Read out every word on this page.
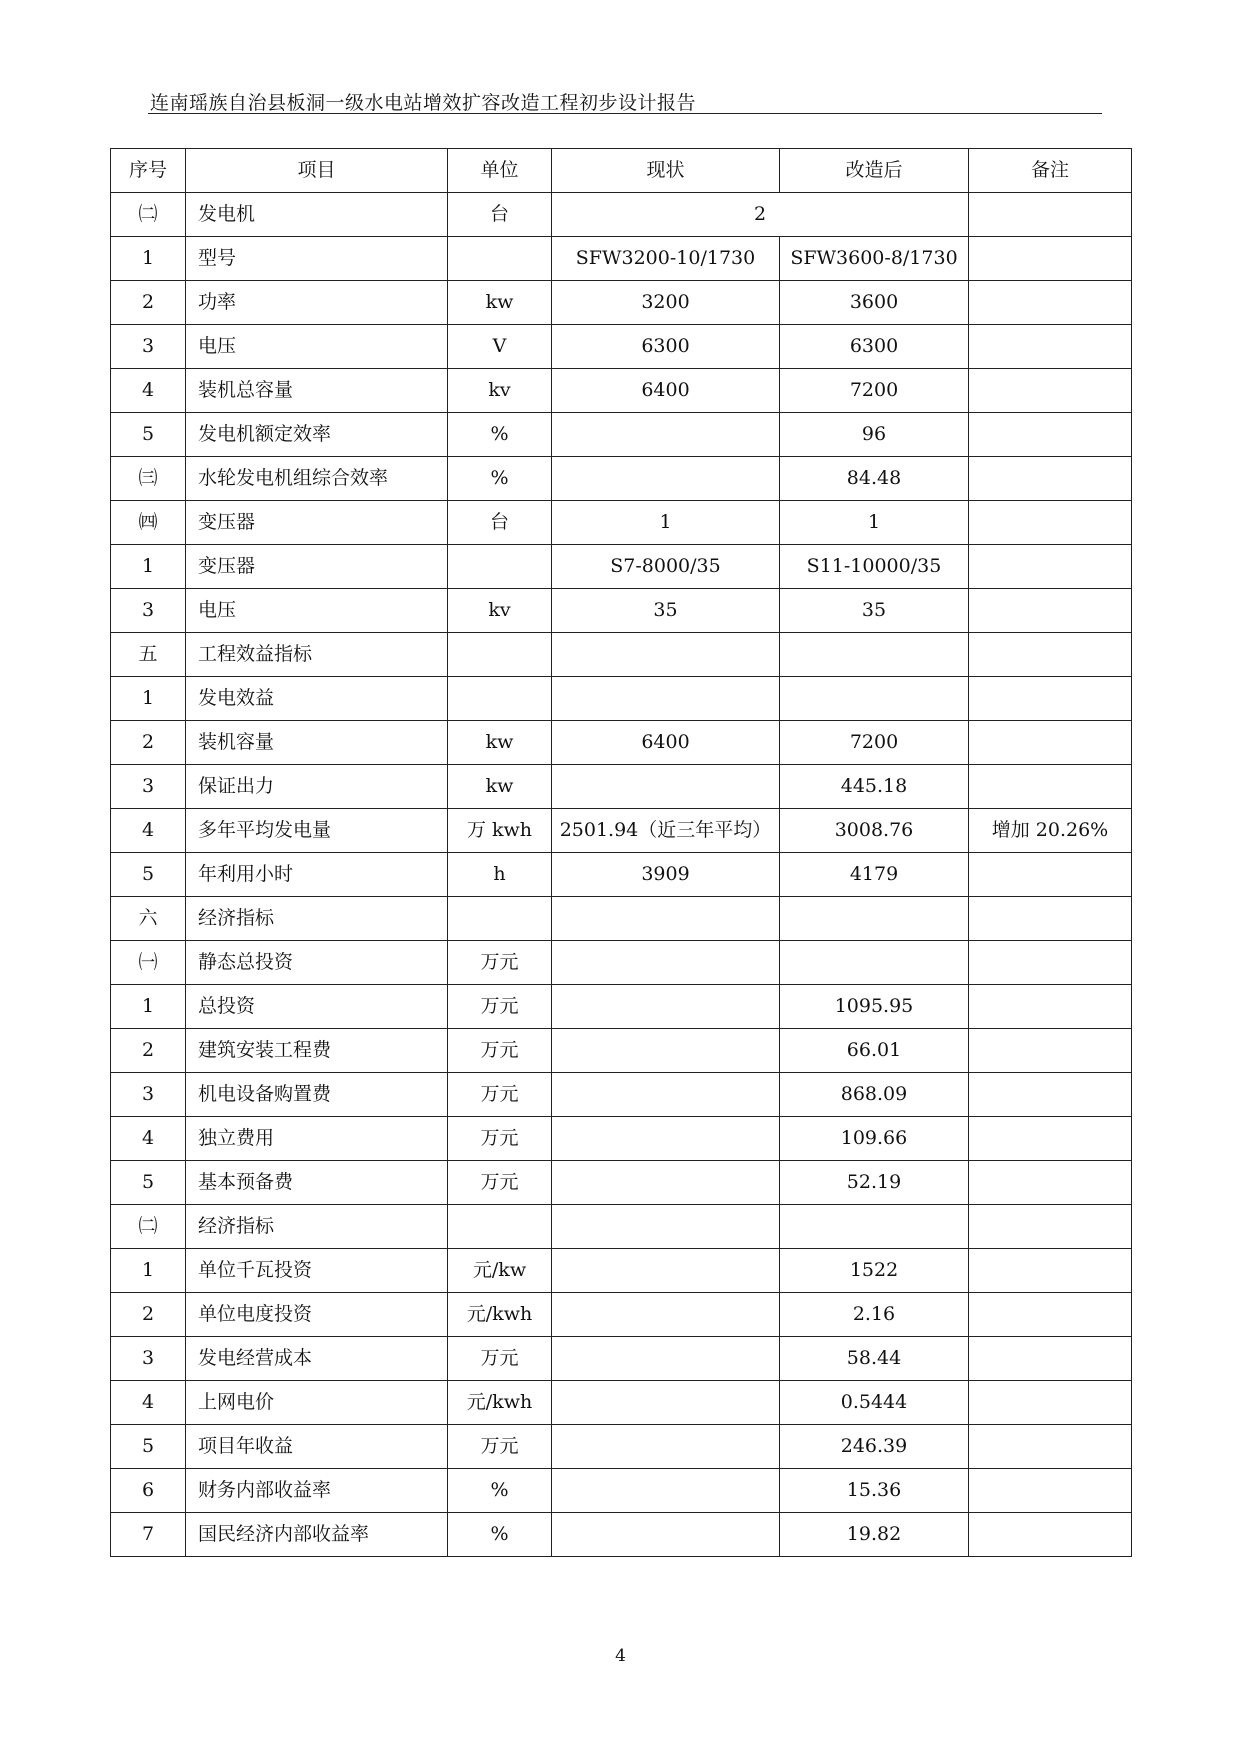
连南瑶族自治县板洞一级水电站增效扩容改造工程初步设计报告
序号	项目	单位	现状	改造后	备注
㈡	发电机	台	2		
1	型号		SFW3200-10/1730	SFW3600-8/1730	
2	功率	kw	3200	3600	
3	电压	V	6300	6300	
4	装机总容量	kv	6400	7200	
5	发电机额定效率	%		96	
㈢	水轮发电机组综合效率	%		84.48	
㈣	变压器	台	1	1	
1	变压器		S7-8000/35	S11-10000/35	
3	电压	kv	35	35	
五	工程效益指标				
1	发电效益				
2	装机容量	kw	6400	7200	
3	保证出力	kw		445.18	
4	多年平均发电量	万 kwh	2501.94（近三年平均）	3008.76	增加 20.26%
5	年利用小时	h	3909	4179	
六	经济指标				
㈠	静态总投资	万元			
1	总投资	万元		1095.95	
2	建筑安装工程费	万元		66.01	
3	机电设备购置费	万元		868.09	
4	独立费用	万元		109.66	
5	基本预备费	万元		52.19	
㈡	经济指标				
1	单位千瓦投资	元/kw		1522	
2	单位电度投资	元/kwh		2.16	
3	发电经营成本	万元		58.44	
4	上网电价	元/kwh		0.5444	
5	项目年收益	万元		246.39	
6	财务内部收益率	%		15.36	
7	国民经济内部收益率	%		19.82	
4
